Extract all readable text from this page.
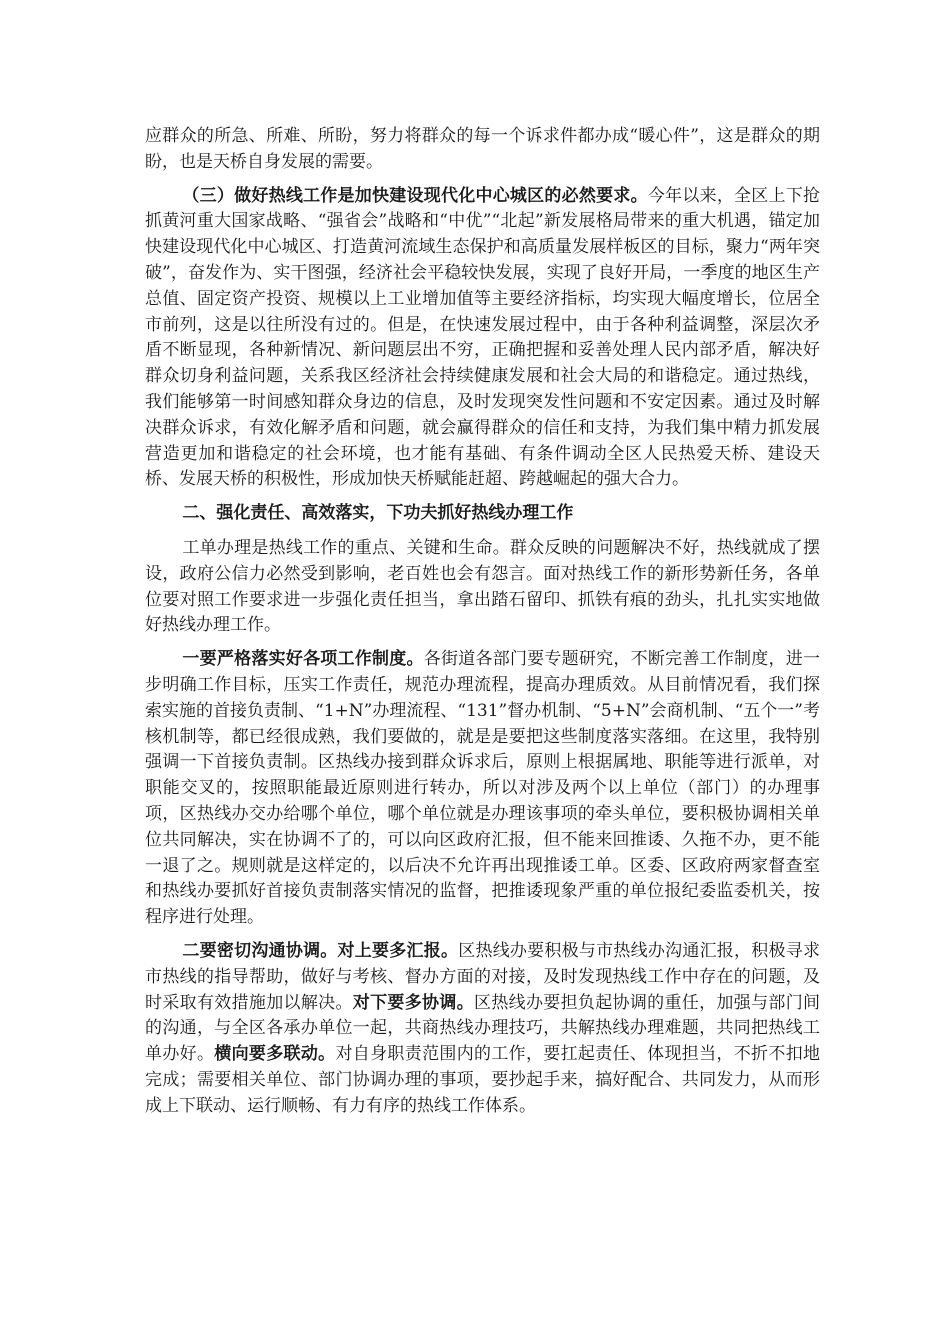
应群众的所急、所难、所盼，努力将群众的每一个诉求件都办成“暖心件”，这是群众的期盼，也是天桥自身发展的需要。

（三）做好热线工作是加快建设现代化中心城区的必然要求。今年以来，全区上下抢抓黄河重大国家战略、“强省会”战略和“中优”“北起”新发展格局带来的重大机遇，锚定加快建设现代化中心城区、打造黄河流域生态保护和高质量发展样板区的目标，聚力“两年突破”，奋发作为、实干图强，经济社会平稳较快发展，实现了良好开局，一季度的地区生产总值、固定资产投资、规模以上工业增加值等主要经济指标，均实现大幅度增长，位居全市前列，这是以往所没有过的。但是，在快速发展过程中，由于各种利益调整，深层次矛盾不断显现，各种新情况、新问题层出不穷，正确把握和妥善处理人民内部矛盾，解决好群众切身利益问题，关系我区经济社会持续健康发展和社会大局的和谐稳定。通过热线，我们能够第一时间感知群众身边的信息，及时发现突发性问题和不安定因素。通过及时解决群众诉求，有效化解矛盾和问题，就会赢得群众的信任和支持，为我们集中精力抓发展营造更加和谐稳定的社会环境，也才能有基础、有条件调动全区人民热爱天桥、建设天桥、发展天桥的积极性，形成加快天桥赋能赶超、跨越崛起的强大合力。

二、强化责任、高效落实，下功夫抓好热线办理工作

工单办理是热线工作的重点、关键和生命。群众反映的问题解决不好，热线就成了摆设，政府公信力必然受到影响，老百姓也会有怨言。面对热线工作的新形势新任务，各单位要对照工作要求进一步强化责任担当，拿出踏石留印、抓铁有痕的劲头，扎扎实实地做好热线办理工作。

一要严格落实好各项工作制度。各街道各部门要专题研究，不断完善工作制度，进一步明确工作目标，压实工作责任，规范办理流程，提高办理质效。从目前情况看，我们探索实施的首接负责制、“1+N”办理流程、“131”督办机制、“5+N”会商机制、“五个一”考核机制等，都已经很成熟，我们要做的，就是是要把这些制度落实落细。在这里，我特别强调一下首接负责制。区热线办接到群众诉求后，原则上根据属地、职能等进行派单，对职能交叉的，按照职能最近原则进行转办，所以对涉及两个以上单位（部门）的办理事项，区热线办交办给哪个单位，哪个单位就是办理该事项的牵头单位，要积极协调相关单位共同解决，实在协调不了的，可以向区政府汇报，但不能来回推诿、久拖不办，更不能一退了之。规则就是这样定的，以后决不允许再出现推诿工单。区委、区政府两家督查室和热线办要抓好首接负责制落实情况的监督，把推诿现象严重的单位报纪委监委机关，按程序进行处理。

二要密切沟通协调。对上要多汇报。区热线办要积极与市热线办沟通汇报，积极寻求市热线的指导帮助，做好与考核、督办方面的对接，及时发现热线工作中存在的问题，及时采取有效措施加以解决。对下要多协调。区热线办要担负起协调的重任，加强与部门间的沟通，与全区各承办单位一起，共商热线办理技巧，共解热线办理难题，共同把热线工单办好。横向要多联动。对自身职责范围内的工作，要扛起责任、体现担当，不折不扣地完成；需要相关单位、部门协调办理的事项，要抄起手来，搞好配合、共同发力，从而形成上下联动、运行顺畅、有力有序的热线工作体系。
